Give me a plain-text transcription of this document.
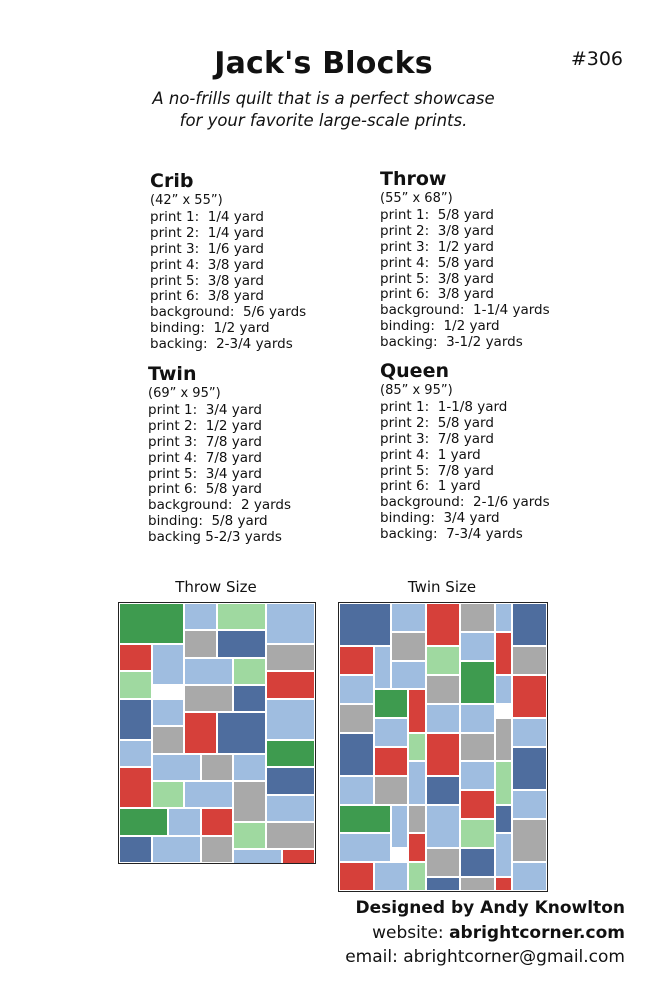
Jack's Blocks	#306
A no-frills quilt that is a perfect showcase
for your favorite large-scale prints.
Crib
(42” x 55”)
print 1:  1/4 yard
print 2:  1/4 yard
print 3:  1/6 yard
print 4:  3/8 yard
print 5:  3/8 yard
print 6:  3/8 yard
background:  5/6 yards
binding:  1/2 yard
backing:  2-3/4 yards
Throw
(55” x 68”)
print 1:  5/8 yard
print 2:  3/8 yard
print 3:  1/2 yard
print 4:  5/8 yard
print 5:  3/8 yard
print 6:  3/8 yard
background:  1-1/4 yards
binding:  1/2 yard
backing:  3-1/2 yards
Twin
(69” x 95”)
print 1:  3/4 yard
print 2:  1/2 yard
print 3:  7/8 yard
print 4:  7/8 yard
print 5:  3/4 yard
print 6:  5/8 yard
background:  2 yards
binding:  5/8 yard
backing 5-2/3 yards
Queen
(85” x 95”)
print 1:  1-1/8 yard
print 2:  5/8 yard
print 3:  7/8 yard
print 4:  1 yard
print 5:  7/8 yard
print 6:  1 yard
background:  2-1/6 yards
binding:  3/4 yard
backing:  7-3/4 yards
Throw Size	Twin Size
Designed by Andy Knowlton
website: abrightcorner.com
email: abrightcorner@gmail.com
